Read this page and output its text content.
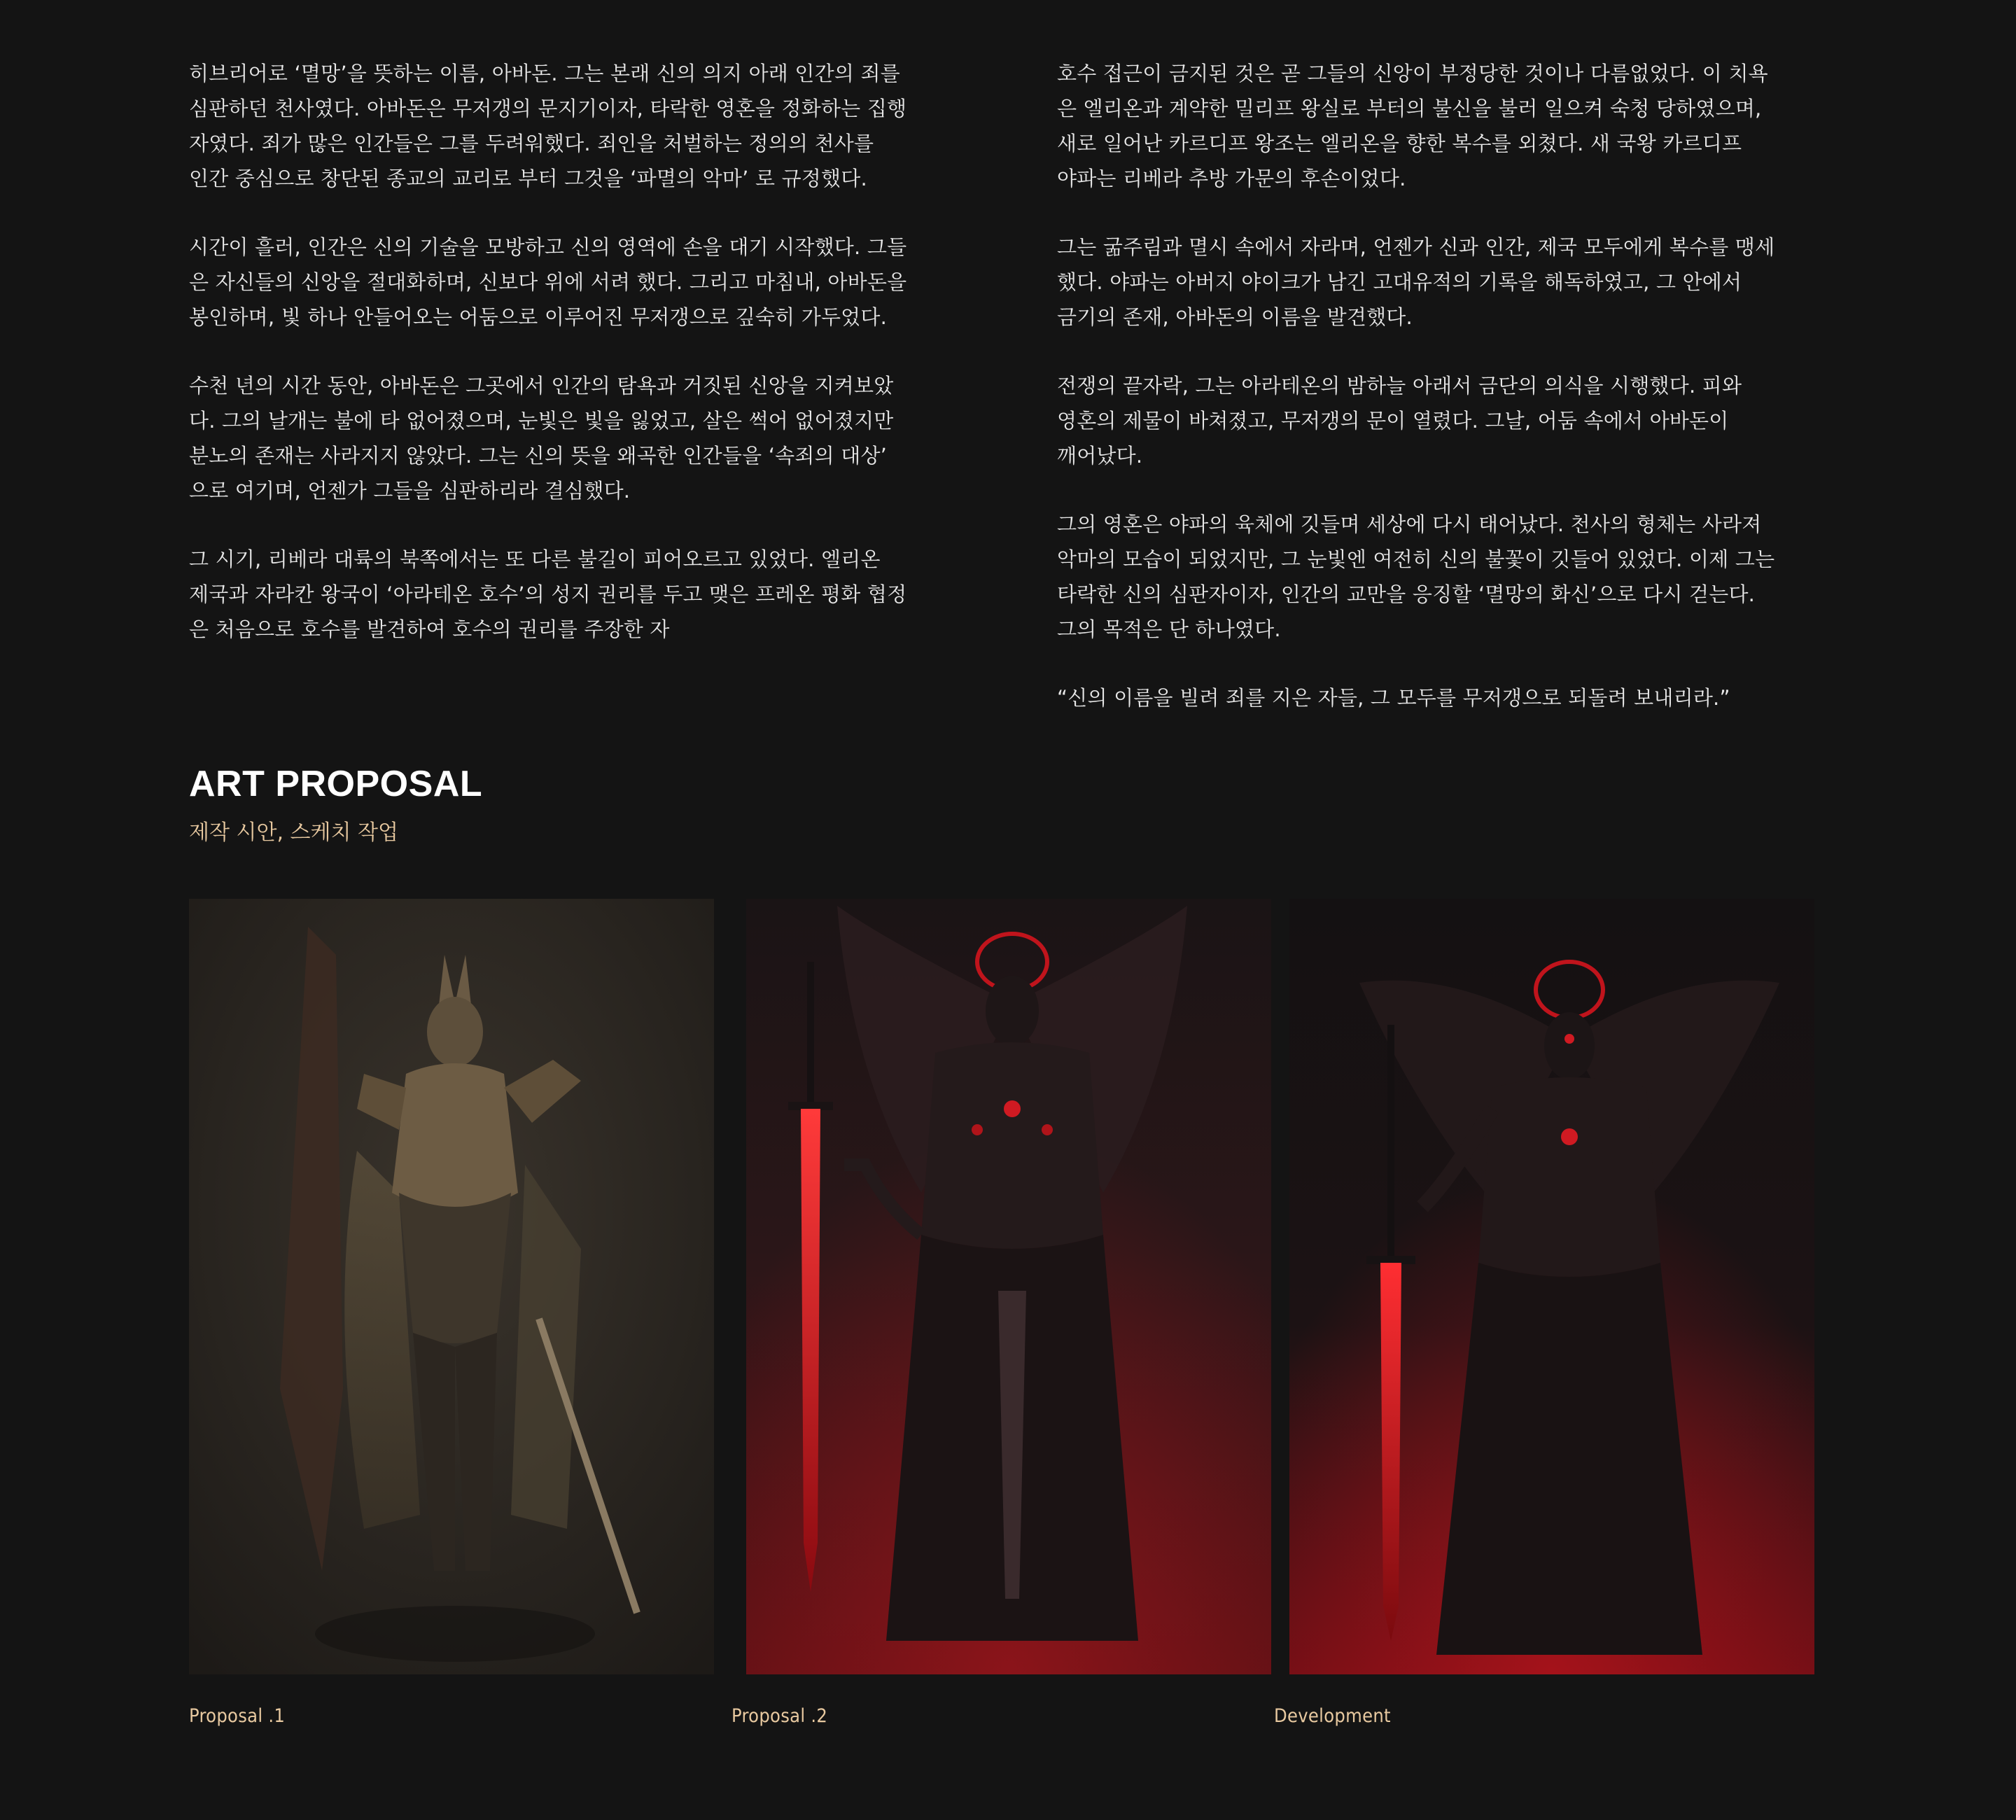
히브리어로 ‘멸망’을 뜻하는 이름, 아바돈. 그는 본래 신의 의지 아래 인간의 죄를
심판하던 천사였다. 아바돈은 무저갱의 문지기이자, 타락한 영혼을 정화하는 집행
자였다. 죄가 많은 인간들은 그를 두려워했다. 죄인을 처벌하는 정의의 천사를
인간 중심으로 창단된 종교의 교리로 부터 그것을 ‘파멸의 악마’ 로 규정했다.

시간이 흘러, 인간은 신의 기술을 모방하고 신의 영역에 손을 대기 시작했다. 그들
은 자신들의 신앙을 절대화하며, 신보다 위에 서려 했다. 그리고 마침내, 아바돈을
봉인하며, 빛 하나 안들어오는 어둠으로 이루어진 무저갱으로 깊숙히 가두었다.

수천 년의 시간 동안, 아바돈은 그곳에서 인간의 탐욕과 거짓된 신앙을 지켜보았
다. 그의 날개는 불에 타 없어졌으며, 눈빛은 빛을 잃었고, 살은 썩어 없어졌지만
분노의 존재는 사라지지 않았다. 그는 신의 뜻을 왜곡한 인간들을 ‘속죄의 대상’
으로 여기며, 언젠가 그들을 심판하리라 결심했다.

그 시기, 리베라 대륙의 북쪽에서는 또 다른 불길이 피어오르고 있었다. 엘리온
제국과 자라칸 왕국이 ‘아라테온 호수’의 성지 권리를 두고 맺은 프레온 평화 협정
은 처음으로 호수를 발견하여 호수의 권리를 주장한 자

호수 접근이 금지된 것은 곧 그들의 신앙이 부정당한 것이나 다름없었다. 이 치욕
은 엘리온과 계약한 밀리프 왕실로 부터의 불신을 불러 일으켜 숙청 당하였으며,
새로 일어난 카르디프 왕조는 엘리온을 향한 복수를 외쳤다. 새 국왕 카르디프
야파는 리베라 추방 가문의 후손이었다.

그는 굶주림과 멸시 속에서 자라며, 언젠가 신과 인간, 제국 모두에게 복수를 맹세
했다. 야파는 아버지 야이크가 남긴 고대유적의 기록을 해독하였고, 그 안에서
금기의 존재, 아바돈의 이름을 발견했다.

전쟁의 끝자락, 그는 아라테온의 밤하늘 아래서 금단의 의식을 시행했다. 피와
영혼의 제물이 바쳐졌고, 무저갱의 문이 열렸다. 그날, 어둠 속에서 아바돈이
깨어났다.

그의 영혼은 야파의 육체에 깃들며 세상에 다시 태어났다. 천사의 형체는 사라져
악마의 모습이 되었지만, 그 눈빛엔 여전히 신의 불꽃이 깃들어 있었다. 이제 그는
타락한 신의 심판자이자, 인간의 교만을 응징할 ‘멸망의 화신’으로 다시 걷는다.
그의 목적은 단 하나였다.

“신의 이름을 빌려 죄를 지은 자들, 그 모두를 무저갱으로 되돌려 보내리라.”

ART PROPOSAL

제작 시안, 스케치 작업

Proposal .1	Proposal .2	Development
